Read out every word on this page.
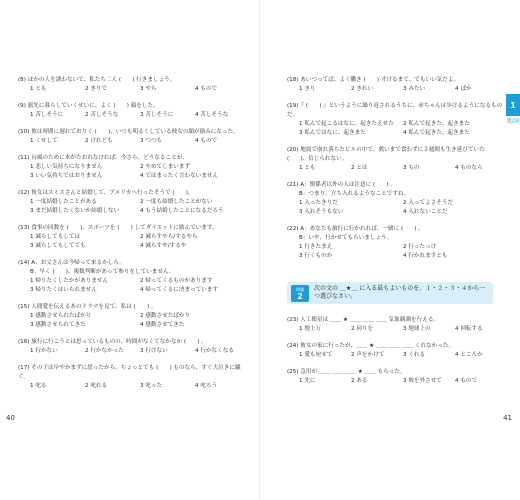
(8) ほかの人を誘わないで、私たち二人 (　　) 行きましょう。
1 とも	2 きりで	3 やら	4 もので
(9) 旅先に暮らしていくせいに、よく (　　) 顔をした。
1 苦しそうに	2 苦しそうな	3 苦しそうに	4 苦しそうな
(10) 彼は時間に遅れておりく (　　)、いつも明るくしている彼女の顔が励みになった。
1 くせして	2 けれども	3 つつも	4 もので
(11) 台風のために木がたおれなければ、今さら。どうなることが、
1 悲しい気持ちになりません	2 やめてしまいまず
3 いい気持ちではおりません	4 ではまったく言わないません
(12) 彼女はスミスさんと結婚して、アメリカへ行ったそうで (　　)。
1 一度結婚したことがある	2 一度も結婚したことがない
3 まだ結婚したくないか結婚しない	4 もう結婚したことになるだろう
(13) 食事の回数を (　　)、スポーツを (　　) してダイエットに励んでいます。
1 減らしてもしては	2 減らすやら/するやら
3 減らしてもしてても	4 減らすや/するや
(14) A：お父さんは今帰って来るかしら。
B：早く (　　)、複数判断があって参りをしていません。
1 帰りたくしたかがありません	2 帰ってくるものがあります
3 帰りたくはいられません	4 帰ってくるに決まっています
(15) 人間愛を伝えるあのドラマを見て、私は (　　) 。
1 感動させられたばかり	2 感動させたばかり
3 感動させられてきた	4 感動させてきた
(16) 旅行に行こうとは思っているものの、時間がなくてなかなか (　　) 。
1 行かない	2 行かなかった	3 行けない	4 行かなくなる
(17) その子は早やかまずに思ったから、ちょっとでも (　　) ものなら、すぐ大泣きに騒ぐ。
1 叱る	2 叱れる	3 叱った	4 叱ろう
40
(18) あいつってば、よく働き (　　) 才けるまで、でもいい気だよ。
1 きり	2 きれい	3 みたい	4 ばか
(19)『 (　　) 』というように繰り返されるうちに、赤ちゃんは歩けるようになるものだ。
1 私んで起こるはなに、起きたえせた	2 私んで起きた、起きまた
3 私んではなに、起きまた	4 私んで起きた、起きまた
(20) 地震で崩れ落ちたビルの中で、救いまで食わずに２週間も生き延びていた (　　)、信じられない。
1 とも	2 とは	3 もの	4 ものなら
(21) A：関係者以外の人は注意に (　　) 。
B：つまり、立ち入れるようなことですね。
1 入ったきりだ	2 入ってよさそうだ
3 入れそうもない	4 入れないことだ
(22) A：あなたも旅行に行かれれば、一緒に (　　) 。
B：いや、行かせてもらいましょう。
1 行きたまえ	2 行ったっけ
3 行くものか	4 行かれますとも
問題
2
次の文の ＿★＿ に入る最もよいものを、１・２・３・４から一つ選びなさい。
(23) 人工衛星は ＿＿ ★ ＿＿ ＿＿ ＿＿ 気象観測を行える。
1 地上万	2 同りを	3 地球上の	4 回転する
(24) 彼女の家に行ったが、＿＿ ★ ＿＿ ＿＿ ＿＿ くれなかった。
1 愛も宛せて	2 声をかけて	3 くれる	4 ところか
(25) 急用が ＿＿ ＿＿ ＿＿ ★ ＿＿ もらった。
1 先に	2 ある	3 彼を外させて	4 もので
1
助詞
41
